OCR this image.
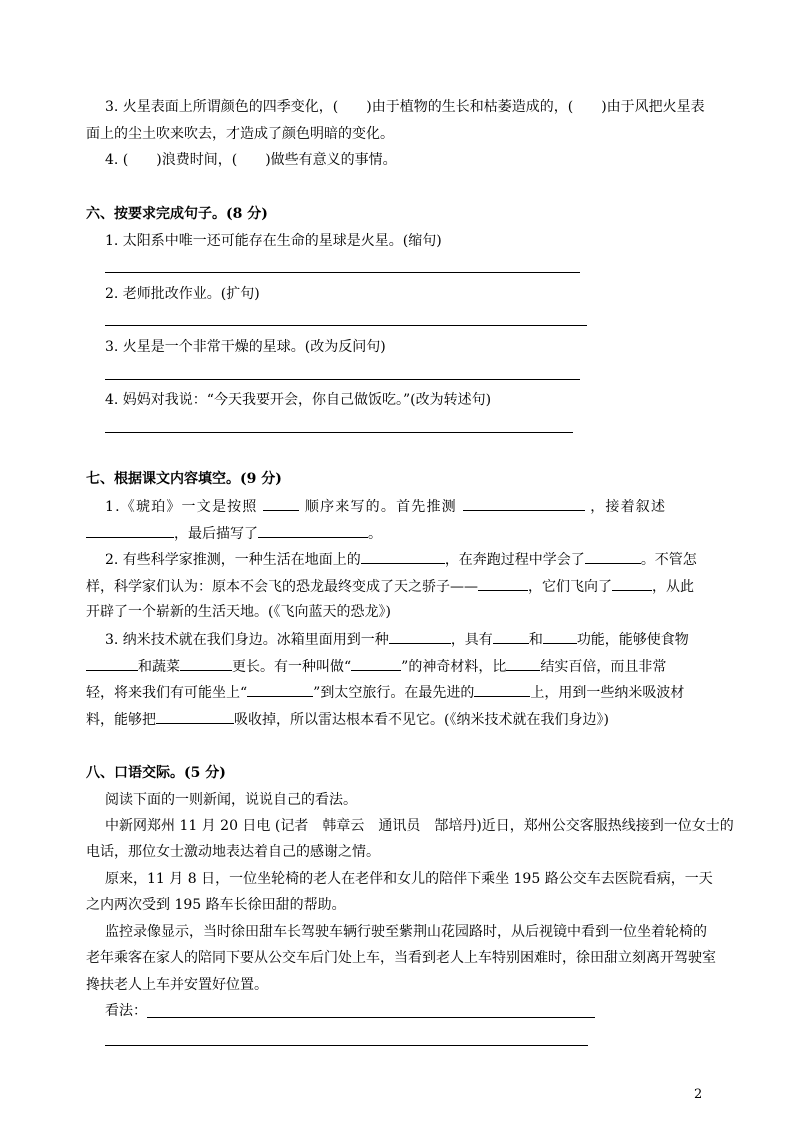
3. 火星表面上所谓颜色的四季变化，(　　)由于植物的生长和枯萎造成的，(　　)由于风把火星表
面上的尘土吹来吹去，才造成了颜色明暗的变化。
4. (　　)浪费时间，(　　)做些有意义的事情。
六、按要求完成句子。(8 分)
1. 太阳系中唯一还可能存在生命的星球是火星。(缩句)
2. 老师批改作业。(扩句)
3. 火星是一个非常干燥的星球。(改为反问句)
4. 妈妈对我说：“今天我要开会，你自己做饭吃。”(改为转述句)
七、根据课文内容填空。(9 分)
1.《琥珀》一文是按照	顺序来写的。首先推测	，接着叙述
，最后描写了	。
2. 有些科学家推测，一种生活在地面上的	，在奔跑过程中学会了	。不管怎
样，科学家们认为：原本不会飞的恐龙最终变成了天之骄子——	，它们飞向了	，从此
开辟了一个崭新的生活天地。(《飞向蓝天的恐龙》)
3. 纳米技术就在我们身边。冰箱里面用到一种	，具有	和 功能，能够使食物
和蔬菜	更长。有一种叫做“	”的神奇材料，比 结实百倍，而且非常
轻，将来我们有可能坐上“	”到太空旅行。在最先进的	上，用到一些纳米吸波材
料，能够把	吸收掉，所以雷达根本看不见它。(《纳米技术就在我们身边》)
八、口语交际。(5 分)
阅读下面的一则新闻，说说自己的看法。
中新网郑州 11 月 20 日电 (记者　韩章云　通讯员　郜培丹)近日，郑州公交客服热线接到一位女士的
电话，那位女士激动地表达着自己的感谢之情。
原来，11 月 8 日，一位坐轮椅的老人在老伴和女儿的陪伴下乘坐 195 路公交车去医院看病，一天
之内两次受到 195 路车长徐田甜的帮助。
监控录像显示，当时徐田甜车长驾驶车辆行驶至紫荆山花园路时，从后视镜中看到一位坐着轮椅的
老年乘客在家人的陪同下要从公交车后门处上车，当看到老人上车特别困难时，徐田甜立刻离开驾驶室
搀扶老人上车并安置好位置。
看法：
2
